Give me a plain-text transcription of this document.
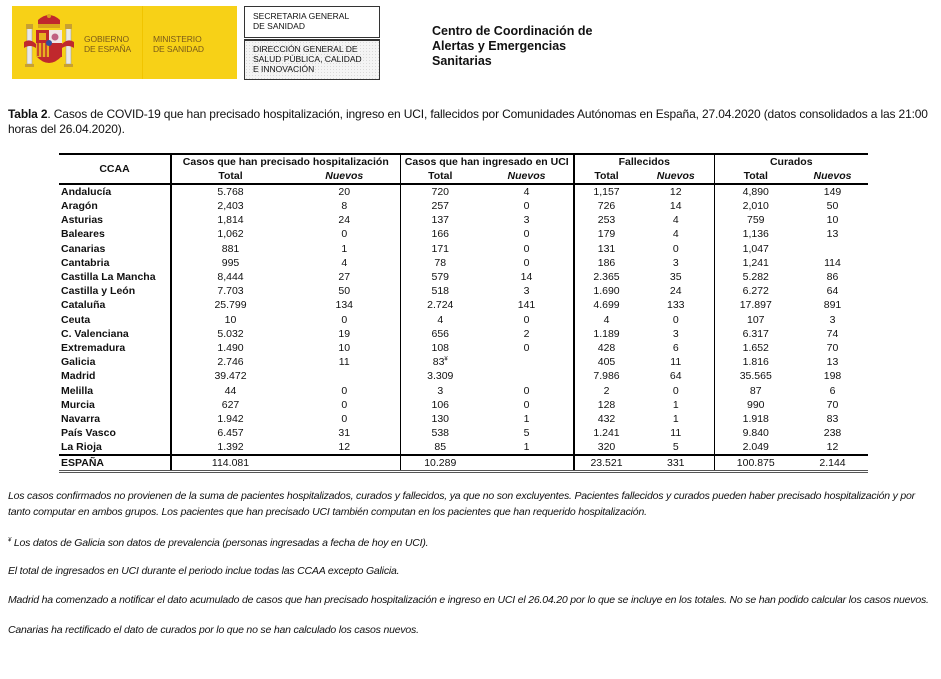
GOBIERNO
DE ESPAÑA
MINISTERIO
DE SANIDAD
SECRETARIA GENERAL
DE SANIDAD
DIRECCIÓN GENERAL DE
SALUD PÚBLICA, CALIDAD
E INNOVACIÓN
Centro de Coordinación de
Alertas y Emergencias
Sanitarias
Tabla 2. Casos de COVID-19 que han precisado hospitalización, ingreso en UCI, fallecidos por Comunidades Autónomas en España, 27.04.2020 (datos consolidados a las 21:00 horas del 26.04.2020).
CCAA	Casos que han precisado hospitalización		Casos que han ingresado en UCI		Fallecidos		Curados	
	Total	Nuevos	Total	Nuevos	Total	Nuevos	Total	Nuevos
Andalucía	5.768	20	720	4	1,157	12	4,890	149
Aragón	2,403	8	257	0	726	14	2,010	50
Asturias	1,814	24	137	3	253	4	759	10
Baleares	1,062	0	166	0	179	4	1,136	13
Canarias	881	1	171	0	131	0	1,047	
Cantabria	995	4	78	0	186	3	1,241	114
Castilla La Mancha	8,444	27	579	14	2.365	35	5.282	86
Castilla y León	7.703	50	518	3	1.690	24	6.272	64
Cataluña	25.799	134	2.724	141	4.699	133	17.897	891
Ceuta	10	0	4	0	4	0	107	3
C. Valenciana	5.032	19	656	2	1.189	3	6.317	74
Extremadura	1.490	10	108	0	428	6	1.652	70
Galicia	2.746	11	83¥		405	11	1.816	13
Madrid	39.472		3.309		7.986	64	35.565	198
Melilla	44	0	3	0	2	0	87	6
Murcia	627	0	106	0	128	1	990	70
Navarra	1.942	0	130	1	432	1	1.918	83
País Vasco	6.457	31	538	5	1.241	11	9.840	238
La Rioja	1.392	12	85	1	320	5	2.049	12
ESPAÑA	114.081		10.289		23.521	331	100.875	2.144
Los casos confirmados no provienen de la suma de pacientes hospitalizados, curados y fallecidos, ya que no son excluyentes. Pacientes fallecidos y curados pueden haber precisado hospitalización y por tanto computar en ambos grupos. Los pacientes que han precisado UCI también computan en los pacientes que han requerido hospitalización.
¥ Los datos de Galicia son datos de prevalencia (personas ingresadas a fecha de hoy en UCI).
El total de ingresados en UCI durante el periodo inclue todas las CCAA excepto Galicia.
Madrid ha comenzado a notificar el dato acumulado de casos que han precisado hospitalización e ingreso en UCI el 26.04.20 por lo que se incluye en los totales. No se han podido calcular los casos nuevos.
Canarias ha rectificado el dato de curados por lo que no se han calculado los casos nuevos.
